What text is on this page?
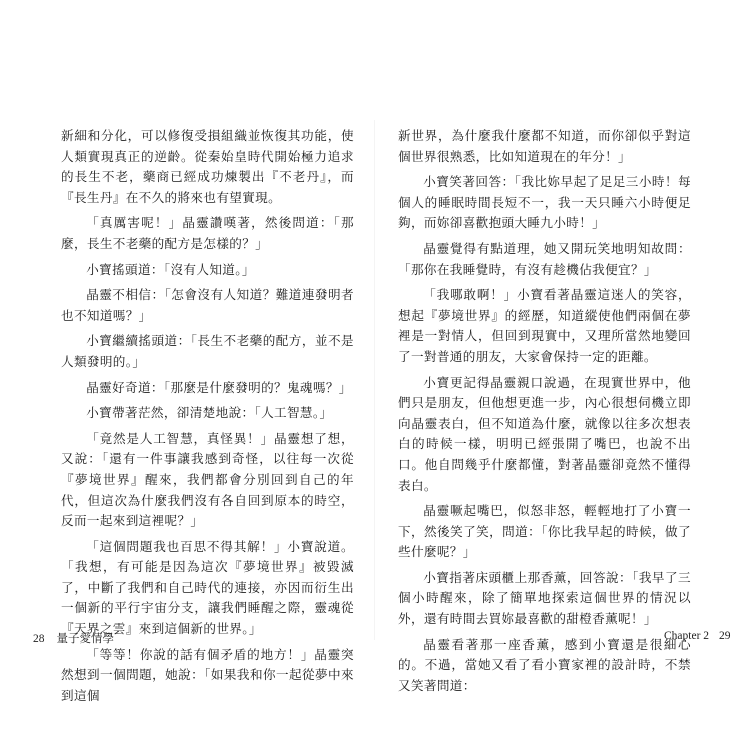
新細和分化，可以修復受損組織並恢復其功能，使人類實現真正的逆齡。從秦始皇時代開始極力追求的長生不老，藥商已經成功煉製出『不老丹』，而『長生丹』在不久的將來也有望實現。

「真厲害呢！」晶靈讚嘆著，然後問道：「那麼，長生不老藥的配方是怎樣的？」

小寶搖頭道：「沒有人知道。」

晶靈不相信：「怎會沒有人知道？難道連發明者也不知道嗎？」

小寶繼續搖頭道：「長生不老藥的配方，並不是人類發明的。」

晶靈好奇道：「那麼是什麼發明的？鬼魂嗎？」

小寶帶著茫然，卻清楚地說：「人工智慧。」

「竟然是人工智慧，真怪異！」晶靈想了想，又說：「還有一件事讓我感到奇怪，以往每一次從『夢境世界』醒來，我們都會分別回到自己的年代，但這次為什麼我們沒有各自回到原本的時空，反而一起來到這裡呢？」

「這個問題我也百思不得其解！」小寶說道。「我想，有可能是因為這次『夢境世界』被毀滅了，中斷了我們和自己時代的連接，亦因而衍生出一個新的平行宇宙分支，讓我們睡醒之際，靈魂從『天界之雲』來到這個新的世界。」

「等等！你說的話有個矛盾的地方！」晶靈突然想到一個問題，她說：「如果我和你一起從夢中來到這個

新世界，為什麼我什麼都不知道，而你卻似乎對這個世界很熟悉，比如知道現在的年分！」

小寶笑著回答：「我比妳早起了足足三小時！每個人的睡眠時間長短不一，我一天只睡六小時便足夠，而妳卻喜歡抱頭大睡九小時！」

晶靈覺得有點道理，她又開玩笑地明知故問：「那你在我睡覺時，有沒有趁機佔我便宜？」

「我哪敢啊！」小寶看著晶靈這迷人的笑容，想起『夢境世界』的經歷，知道縱使他們兩個在夢裡是一對情人，但回到現實中，又理所當然地變回了一對普通的朋友，大家會保持一定的距離。

小寶更記得晶靈親口說過，在現實世界中，他們只是朋友，但他想更進一步，內心很想伺機立即向晶靈表白，但不知道為什麼，就像以往多次想表白的時候一樣，明明已經張開了嘴巴，也說不出口。他自問幾乎什麼都懂，對著晶靈卻竟然不懂得表白。

晶靈噘起嘴巴，似怒非怒，輕輕地打了小寶一下，然後笑了笑，問道：「你比我早起的時候，做了些什麼呢？」

小寶指著床頭櫃上那香薰，回答說：「我早了三個小時醒來，除了簡單地探索這個世界的情況以外，還有時間去買妳最喜歡的甜橙香薰呢！」

晶靈看著那一座香薰，感到小寶還是很細心的。不過，當她又看了看小寶家裡的設計時，不禁又笑著問道：

28 量子愛情學	Chapter 2 29
